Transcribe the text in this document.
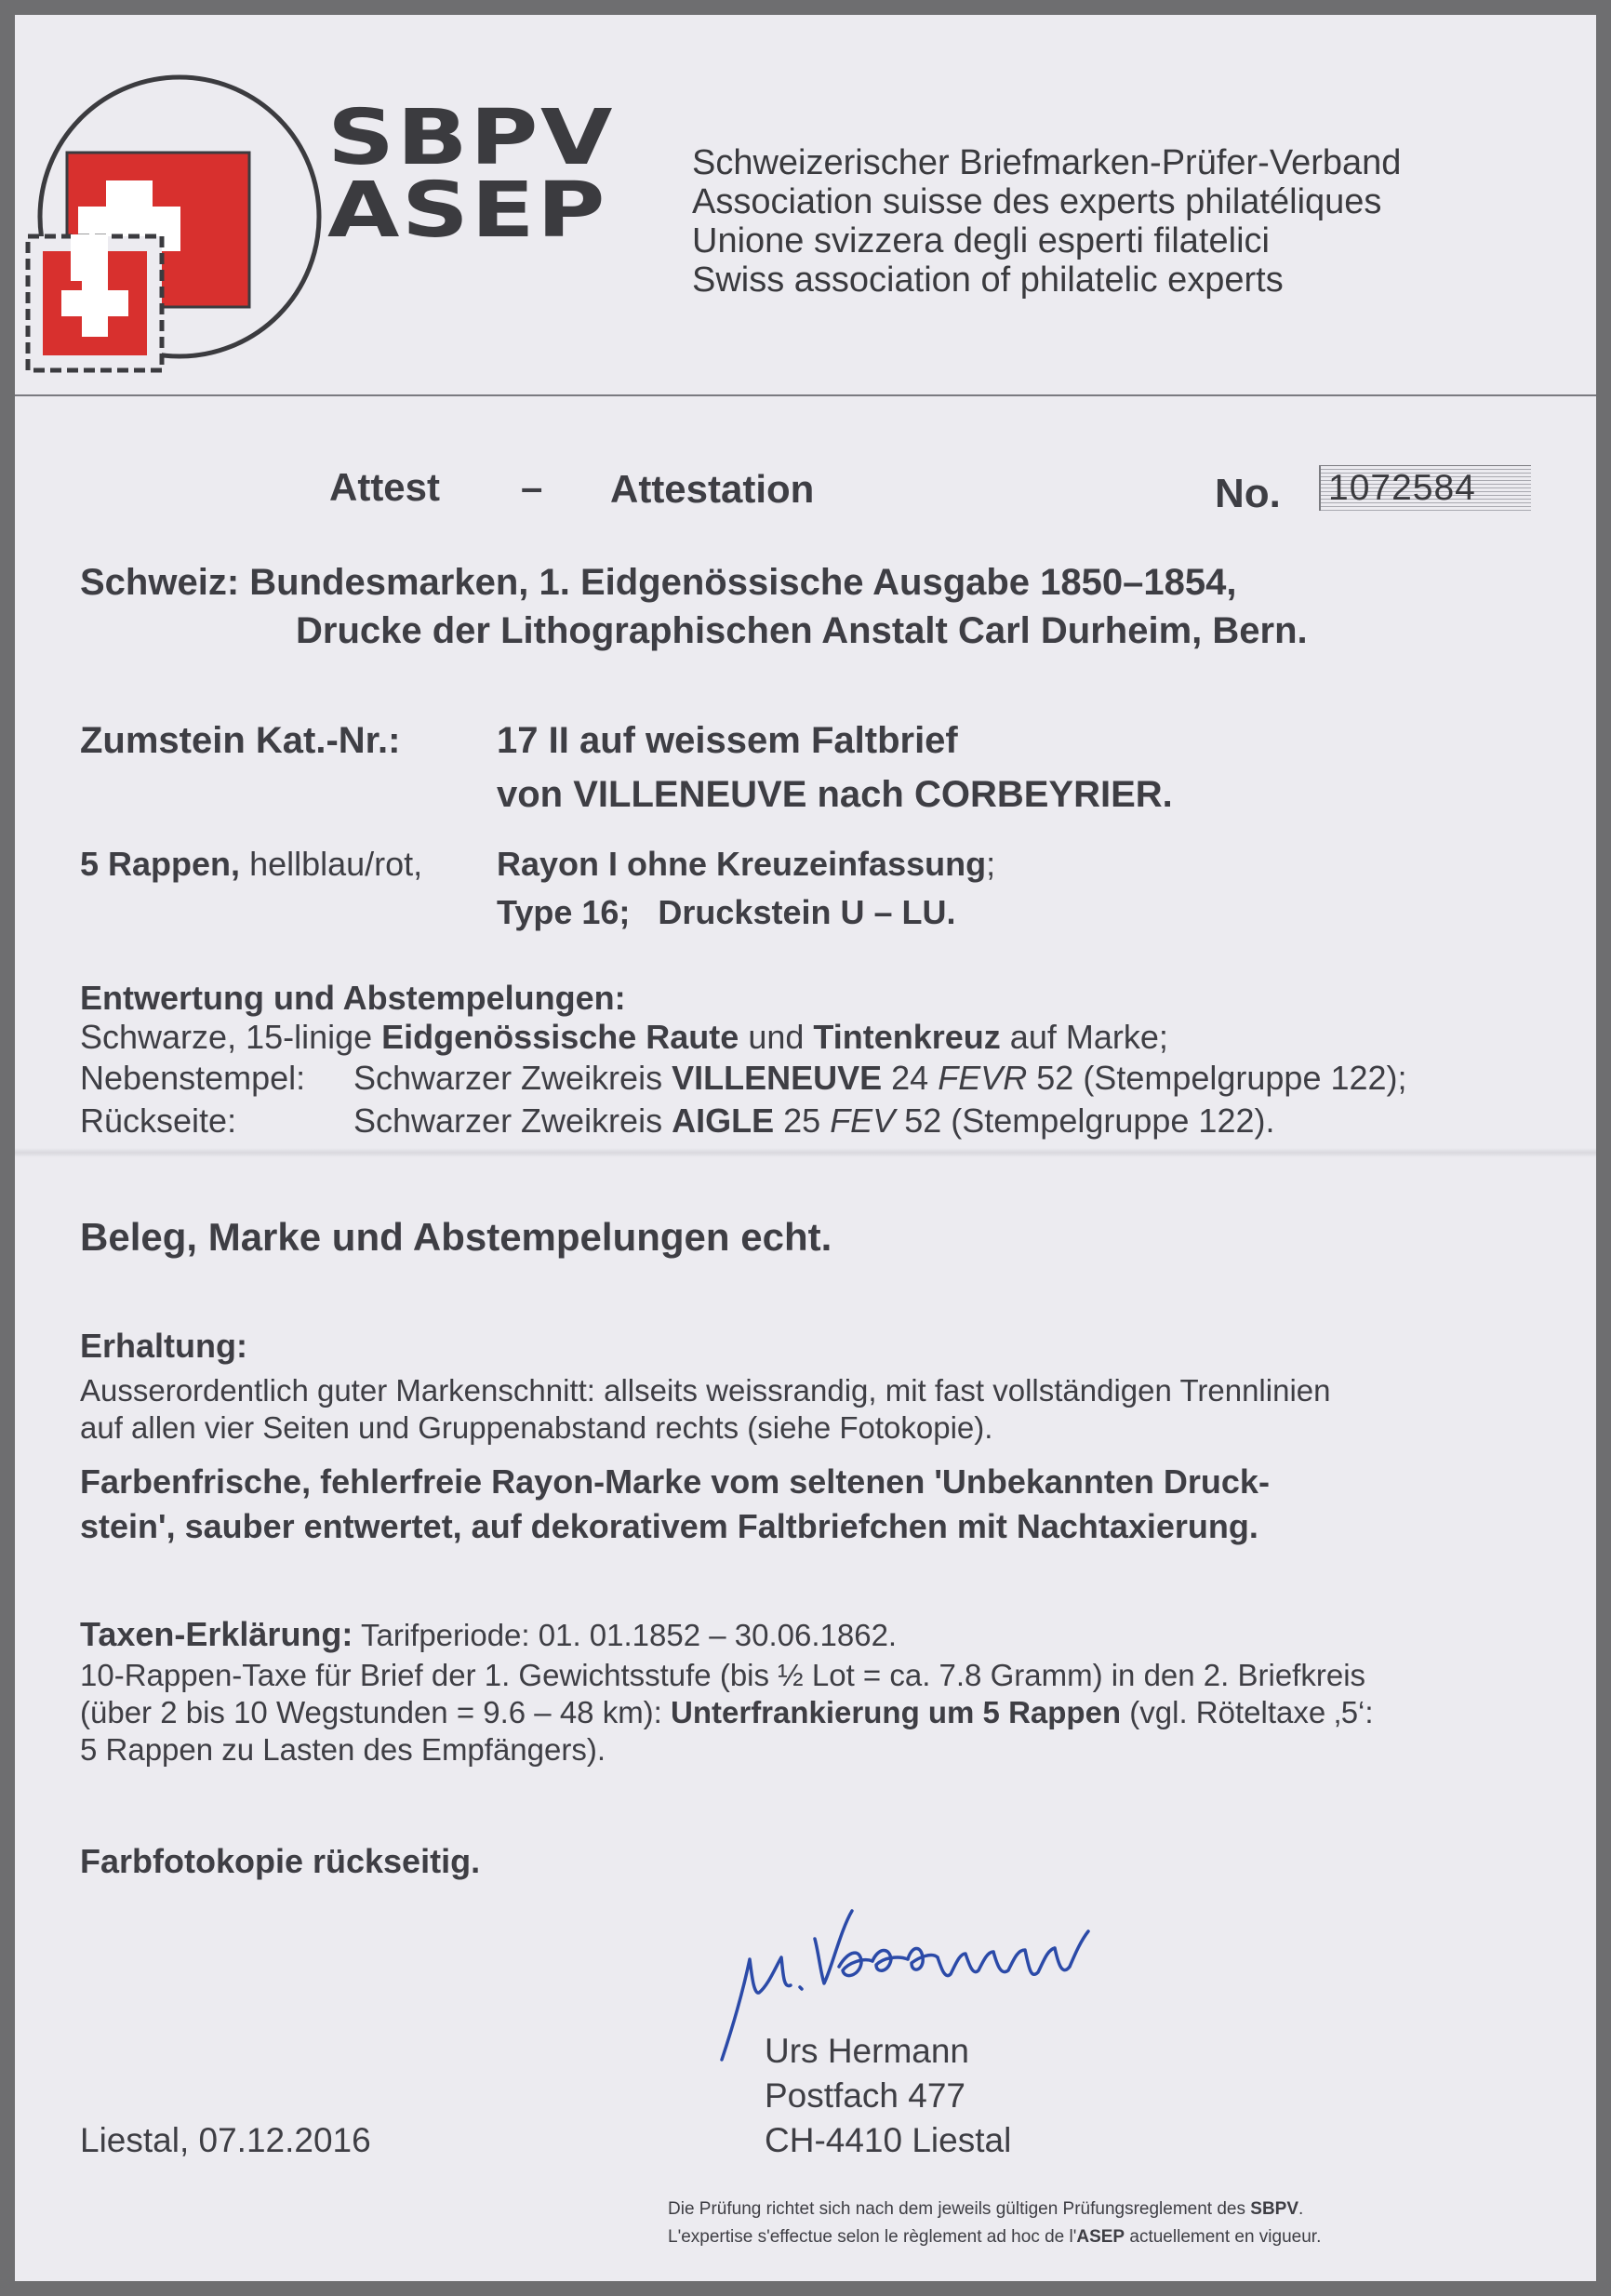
SBPV
ASEP
Schweizerischer Briefmarken-Prüfer-Verband
Association suisse des experts philatéliques
Unione svizzera degli esperti filatelici
Swiss association of philatelic experts
Attest – Attestation	No. 1072584
Schweiz: Bundesmarken, 1. Eidgenössische Ausgabe 1850–1854,
Drucke der Lithographischen Anstalt Carl Durheim, Bern.
Zumstein Kat.-Nr.:	17 II auf weissem Faltbrief
von VILLENEUVE nach CORBEYRIER.
5 Rappen, hellblau/rot, Rayon I ohne Kreuzeinfassung;
Type 16; Druckstein U – LU.
Entwertung und Abstempelungen:
Schwarze, 15-linige Eidgenössische Raute und Tintenkreuz auf Marke;
Nebenstempel: Schwarzer Zweikreis VILLENEUVE 24 FEVR 52 (Stempelgruppe 122);
Rückseite:	Schwarzer Zweikreis AIGLE 25 FEV 52 (Stempelgruppe 122).
Beleg, Marke und Abstempelungen echt.
Erhaltung:
Ausserordentlich guter Markenschnitt: allseits weissrandig, mit fast vollständigen Trennlinien
auf allen vier Seiten und Gruppenabstand rechts (siehe Fotokopie).
Farbenfrische, fehlerfreie Rayon-Marke vom seltenen 'Unbekannten Druck-
stein', sauber entwertet, auf dekorativem Faltbriefchen mit Nachtaxierung.
Taxen-Erklärung: Tarifperiode: 01. 01.1852 – 30.06.1862.
10-Rappen-Taxe für Brief der 1. Gewichtsstufe (bis ½ Lot = ca. 7.8 Gramm) in den 2. Briefkreis
(über 2 bis 10 Wegstunden = 9.6 – 48 km): Unterfrankierung um 5 Rappen (vgl. Röteltaxe ‚5‘:
5 Rappen zu Lasten des Empfängers).
Farbfotokopie rückseitig.
Urs Hermann
Postfach 477
CH-4410 Liestal
Liestal, 07.12.2016
Die Prüfung richtet sich nach dem jeweils gültigen Prüfungsreglement des SBPV.
L'expertise s'effectue selon le règlement ad hoc de l'ASEP actuellement en vigueur.
